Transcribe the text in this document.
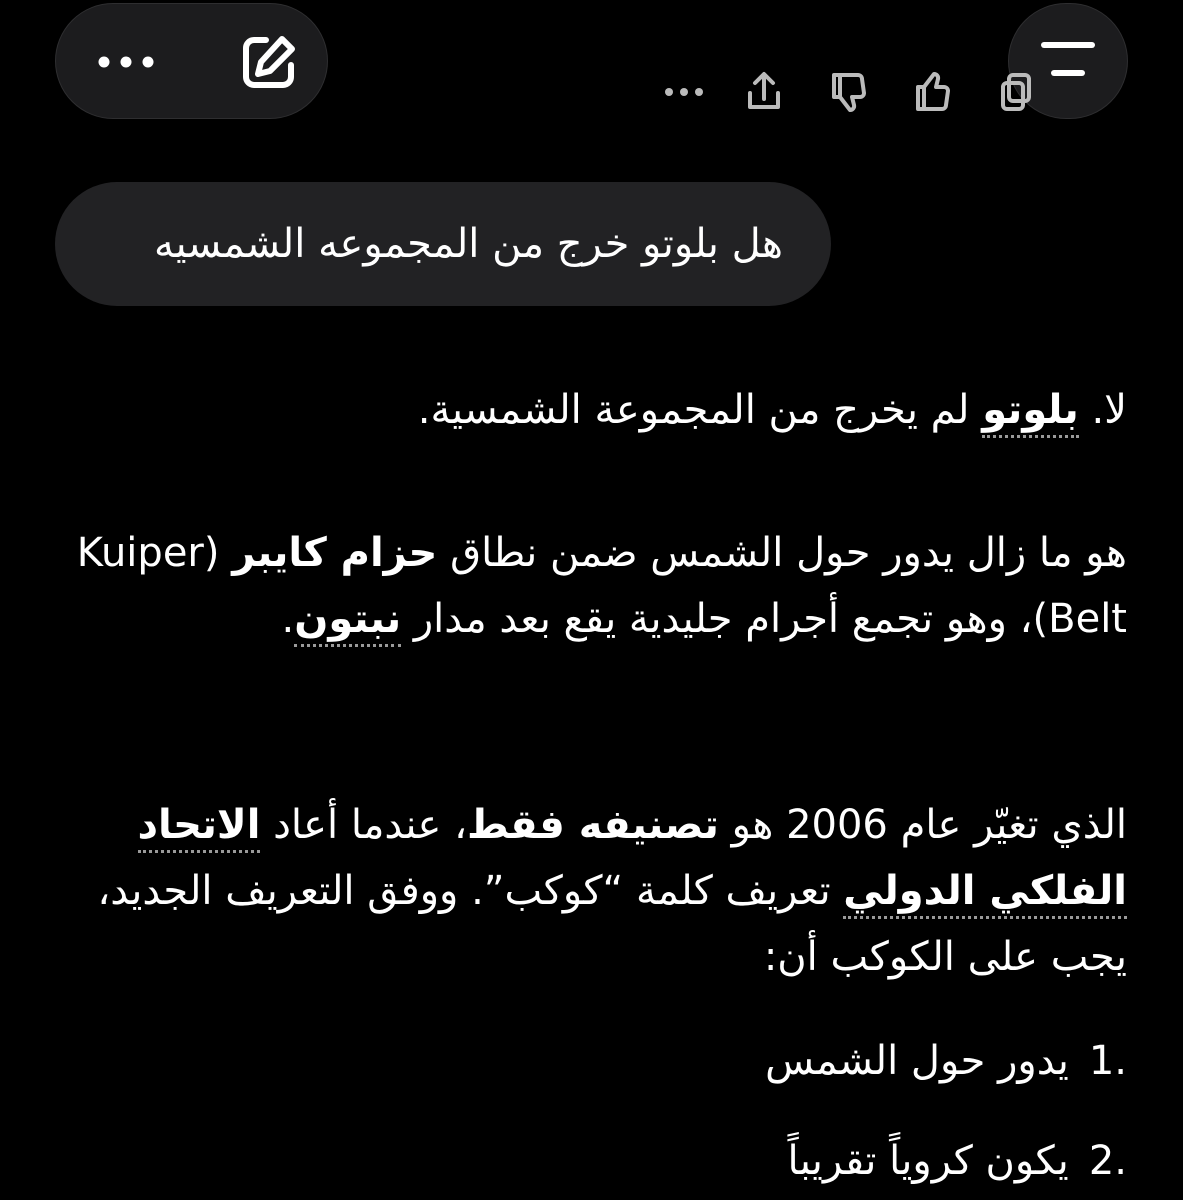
هل بلوتو خرج من المجموعه الشمسيه
لا. بلوتو لم يخرج من المجموعة الشمسية.
هو ما زال يدور حول الشمس ضمن نطاق حزام كايبر (Kuiper Belt)، وهو تجمع أجرام جليدية يقع بعد مدار نبتون.
الذي تغيّر عام 2006 هو تصنيفه فقط، عندما أعاد الاتحاد الفلكي الدولي تعريف كلمة “كوكب”. ووفق التعريف الجديد، يجب على الكوكب أن:
.1يدور حول الشمس
.2يكون كروياً تقريباً
